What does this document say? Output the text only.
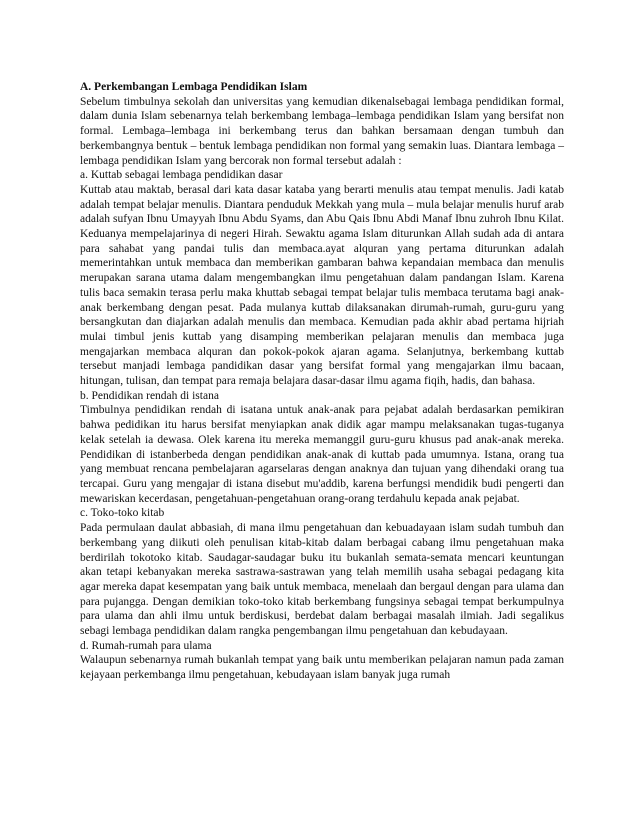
A. Perkembangan Lembaga Pendidikan Islam

Sebelum timbulnya sekolah dan universitas yang kemudian dikenalsebagai lembaga pendidikan formal, dalam dunia Islam sebenarnya telah berkembang lembaga–lembaga pendidikan Islam yang bersifat non formal. Lembaga–lembaga ini berkembang terus dan bahkan bersamaan dengan tumbuh dan berkembangnya bentuk – bentuk lembaga pendidikan non formal yang semakin luas. Diantara lembaga – lembaga pendidikan Islam yang bercorak non formal tersebut adalah :

a. Kuttab sebagai lembaga pendidikan dasar

Kuttab atau maktab, berasal dari kata dasar kataba yang berarti menulis atau tempat menulis. Jadi katab adalah tempat belajar menulis. Diantara penduduk Mekkah yang mula – mula belajar menulis huruf arab adalah sufyan Ibnu Umayyah Ibnu Abdu Syams, dan Abu Qais Ibnu Abdi Manaf Ibnu zuhroh Ibnu Kilat. Keduanya mempelajarinya di negeri Hirah. Sewaktu agama Islam diturunkan Allah sudah ada di antara para sahabat yang pandai tulis dan membaca.ayat alquran yang pertama diturunkan adalah memerintahkan untuk membaca dan memberikan gambaran bahwa kepandaian membaca dan menulis merupakan sarana utama dalam mengembangkan ilmu pengetahuan dalam pandangan Islam. Karena tulis baca semakin terasa perlu maka khuttab sebagai tempat belajar tulis membaca terutama bagi anak-anak berkembang dengan pesat. Pada mulanya kuttab dilaksanakan dirumah-rumah, guru-guru yang bersangkutan dan diajarkan adalah menulis dan membaca. Kemudian pada akhir abad pertama hijriah mulai timbul jenis kuttab yang disamping memberikan pelajaran menulis dan membaca juga mengajarkan membaca alquran dan pokok-pokok ajaran agama. Selanjutnya, berkembang kuttab tersebut manjadi lembaga pandidikan dasar yang bersifat formal yang mengajarkan ilmu bacaan, hitungan, tulisan, dan tempat para remaja belajara dasar-dasar ilmu agama fiqih, hadis, dan bahasa.

b. Pendidikan rendah di istana

Timbulnya pendidikan rendah di isatana untuk anak-anak para pejabat adalah berdasarkan pemikiran bahwa pedidikan itu harus bersifat menyiapkan anak didik agar mampu melaksanakan tugas-tuganya kelak setelah ia dewasa. Olek karena itu mereka memanggil guru-guru khusus pad anak-anak mereka. Pendidikan di istanberbeda dengan pendidikan anak-anak di kuttab pada umumnya. Istana, orang tua yang membuat rencana pembelajaran agarselaras dengan anaknya dan tujuan yang dihendaki orang tua tercapai. Guru yang mengajar di istana disebut mu'addib, karena berfungsi mendidik budi pengerti dan mewariskan kecerdasan, pengetahuan-pengetahuan orang-orang terdahulu kepada anak pejabat.

c. Toko-toko kitab

Pada permulaan daulat abbasiah, di mana ilmu pengetahuan dan kebuadayaan islam sudah tumbuh dan berkembang yang diikuti oleh penulisan kitab-kitab dalam berbagai cabang ilmu pengetahuan maka berdirilah tokotoko kitab. Saudagar-saudagar buku itu bukanlah semata-semata mencari keuntungan akan tetapi kebanyakan mereka sastrawa-sastrawan yang telah memilih usaha sebagai pedagang kita agar mereka dapat kesempatan yang baik untuk membaca, menelaah dan bergaul dengan para ulama dan para pujangga. Dengan demikian toko-toko kitab berkembang fungsinya sebagai tempat berkumpulnya para ulama dan ahli ilmu untuk berdiskusi, berdebat dalam berbagai masalah ilmiah. Jadi segalikus sebagi lembaga pendidikan dalam rangka pengembangan ilmu pengetahuan dan kebudayaan.

d. Rumah-rumah para ulama

Walaupun sebenarnya rumah bukanlah tempat yang baik untu memberikan pelajaran namun pada zaman kejayaan perkembanga ilmu pengetahuan, kebudayaan islam banyak juga rumah
